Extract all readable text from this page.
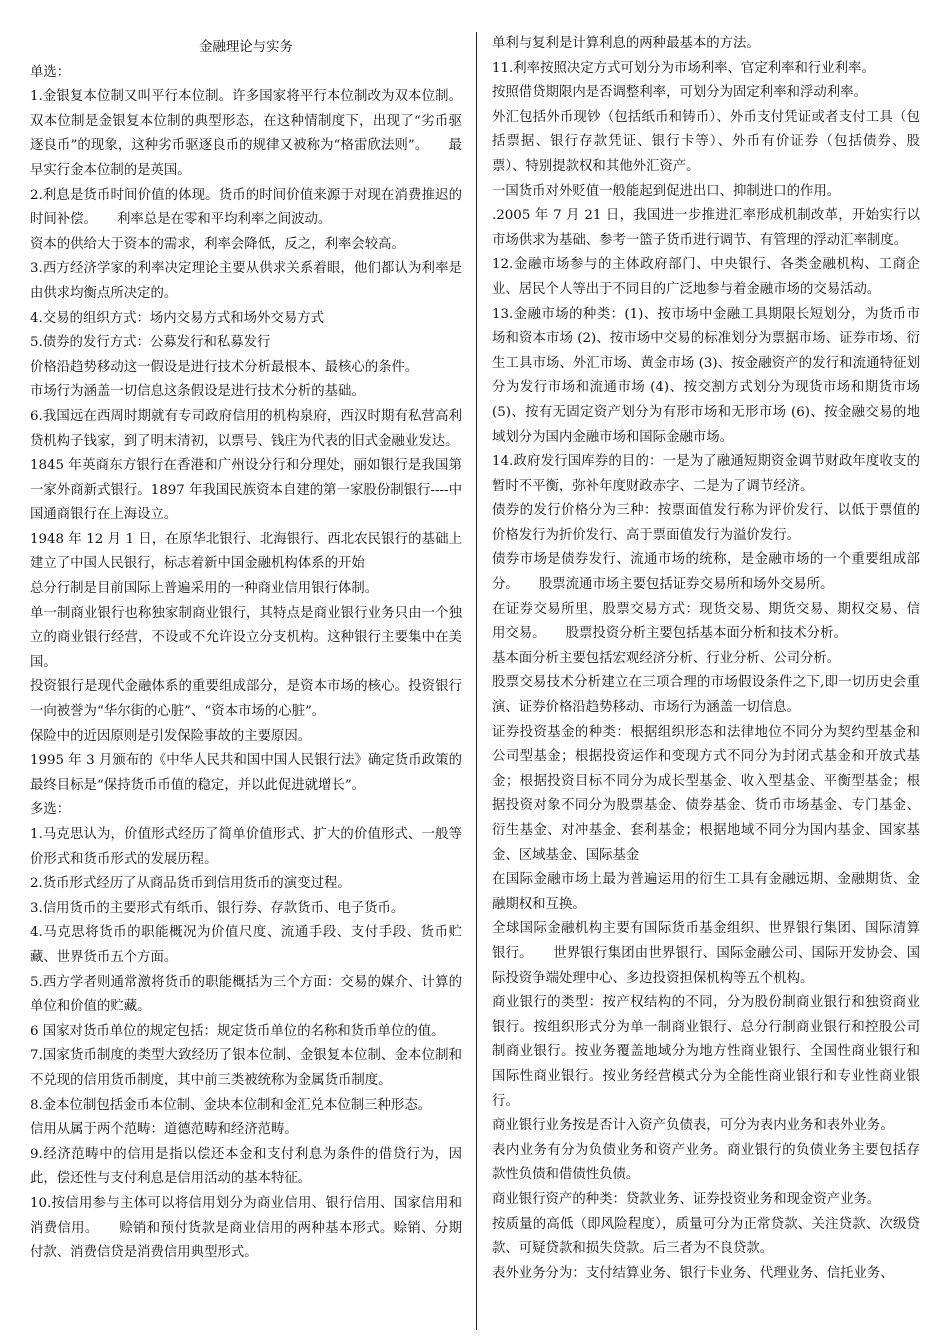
金融理论与实务

单选：

1.金银复本位制又叫平行本位制。许多国家将平行本位制改为双本位制。双本位制是金银复本位制的典型形态，在这种情制度下，出现了“劣币驱逐良币”的现象，这种劣币驱逐良币的规律又被称为“格雷欣法则”。　　最早实行金本位制的是英国。

2.利息是货币时间价值的体现。货币的时间价值来源于对现在消费推迟的时间补偿。　　利率总是在零和平均利率之间波动。

资本的供给大于资本的需求，利率会降低，反之，利率会较高。

3.西方经济学家的利率决定理论主要从供求关系着眼，他们都认为利率是由供求均衡点所决定的。

4.交易的组织方式：场内交易方式和场外交易方式

5.债券的发行方式：公募发行和私募发行

价格沿趋势移动这一假设是进行技术分析最根本、最核心的条件。

市场行为涵盖一切信息这条假设是进行技术分析的基础。

6.我国远在西周时期就有专司政府信用的机构泉府，西汉时期有私营高利贷机构子钱家，到了明末清初，以票号、钱庄为代表的旧式金融业发达。

1845 年英商东方银行在香港和广州设分行和分理处，丽如银行是我国第一家外商新式银行。1897 年我国民族资本自建的第一家股份制银行----中国通商银行在上海设立。

1948 年 12 月 1 日，在原华北银行、北海银行、西北农民银行的基础上建立了中国人民银行，标志着新中国金融机构体系的开始

总分行制是目前国际上普遍采用的一种商业信用银行体制。

单一制商业银行也称独家制商业银行，其特点是商业银行业务只由一个独立的商业银行经营，不设或不允许设立分支机构。这种银行主要集中在美国。

投资银行是现代金融体系的重要组成部分，是资本市场的核心。投资银行一向被誉为“华尔街的心脏”、“资本市场的心脏”。

保险中的近因原则是引发保险事故的主要原因。

1995 年 3 月颁布的《中华人民共和国中国人民银行法》确定货币政策的最终目标是“保持货币币值的稳定，并以此促进就增长”。

多选：

1.马克思认为，价值形式经历了简单价值形式、扩大的价值形式、一般等价形式和货币形式的发展历程。

2.货币形式经历了从商品货币到信用货币的演变过程。

3.信用货币的主要形式有纸币、银行券、存款货币、电子货币。

4.马克思将货币的职能概况为价值尺度、流通手段、支付手段、货币贮藏、世界货币五个方面。

5.西方学者则通常激将货币的职能概括为三个方面：交易的媒介、计算的单位和价值的贮藏。

6 国家对货币单位的规定包括：规定货币单位的名称和货币单位的值。

7.国家货币制度的类型大致经历了银本位制、金银复本位制、金本位制和不兑现的信用货币制度，其中前三类被统称为金属货币制度。

8.金本位制包括金币本位制、金块本位制和金汇兑本位制三种形态。

信用从属于两个范畴：道德范畴和经济范畴。

9.经济范畴中的信用是指以偿还本金和支付利息为条件的借贷行为，因此，偿还性与支付利息是信用活动的基本特征。

10.按信用参与主体可以将信用划分为商业信用、银行信用、国家信用和消费信用。　　赊销和预付货款是商业信用的两种基本形式。赊销、分期付款、消费信贷是消费信用典型形式。

单利与复利是计算利息的两种最基本的方法。

11.利率按照决定方式可划分为市场利率、官定利率和行业利率。

按照借贷期限内是否调整利率，可划分为固定利率和浮动利率。

外汇包括外币现钞（包括纸币和铸币）、外币支付凭证或者支付工具（包括票据、银行存款凭证、银行卡等）、外币有价证券（包括债券、股票）、特别提款权和其他外汇资产。

一国货币对外贬值一般能起到促进出口、抑制进口的作用。

.2005 年 7 月 21 日，我国进一步推进汇率形成机制改革，开始实行以市场供求为基础、参考一篮子货币进行调节、有管理的浮动汇率制度。

12.金融市场参与的主体政府部门、中央银行、各类金融机构、工商企业、居民个人等出于不同目的广泛地参与着金融市场的交易活动。

13.金融市场的种类：(1)、按市场中金融工具期限长短划分，为货币市场和资本市场 (2)、按市场中交易的标准划分为票据市场、证券市场、衍生工具市场、外汇市场、黄金市场 (3)、按金融资产的发行和流通特征划分为发行市场和流通市场 (4)、按交割方式划分为现货市场和期货市场 (5)、按有无固定资产划分为有形市场和无形市场 (6)、按金融交易的地域划分为国内金融市场和国际金融市场。

14.政府发行国库券的目的：一是为了融通短期资金调节财政年度收支的暂时不平衡，弥补年度财政赤字、二是为了调节经济。

债券的发行价格分为三种：按票面值发行称为评价发行、以低于票值的价格发行为折价发行、高于票面值发行为溢价发行。

债券市场是债券发行、流通市场的统称，是金融市场的一个重要组成部分。　　股票流通市场主要包括证券交易所和场外交易所。

在证券交易所里，股票交易方式：现货交易、期货交易、期权交易、信用交易。　　股票投资分析主要包括基本面分析和技术分析。

基本面分析主要包括宏观经济分析、行业分析、公司分析。

股票交易技术分析建立在三项合理的市场假设条件之下,即一切历史会重演、证券价格沿趋势移动、市场行为涵盖一切信息。

证券投资基金的种类：根据组织形态和法律地位不同分为契约型基金和公司型基金；根据投资运作和变现方式不同分为封闭式基金和开放式基金；根据投资目标不同分为成长型基金、收入型基金、平衡型基金；根据投资对象不同分为股票基金、债券基金、货币市场基金、专门基金、衍生基金、对冲基金、套利基金；根据地域不同分为国内基金、国家基金、区域基金、国际基金

在国际金融市场上最为普遍运用的衍生工具有金融远期、金融期货、金融期权和互换。

全球国际金融机构主要有国际货币基金组织、世界银行集团、国际清算银行。　　世界银行集团由世界银行、国际金融公司、国际开发协会、国际投资争端处理中心、多边投资担保机构等五个机构。

商业银行的类型：按产权结构的不同，分为股份制商业银行和独资商业银行。按组织形式分为单一制商业银行、总分行制商业银行和控股公司制商业银行。按业务覆盖地域分为地方性商业银行、全国性商业银行和国际性商业银行。按业务经营模式分为全能性商业银行和专业性商业银行。

商业银行业务按是否计入资产负债表，可分为表内业务和表外业务。

表内业务有分为负债业务和资产业务。商业银行的负债业务主要包括存款性负债和借债性负债。

商业银行资产的种类：贷款业务、证券投资业务和现金资产业务。

按质量的高低（即风险程度），质量可分为正常贷款、关注贷款、次级贷款、可疑贷款和损失贷款。后三者为不良贷款。

表外业务分为：支付结算业务、银行卡业务、代理业务、信托业务、
